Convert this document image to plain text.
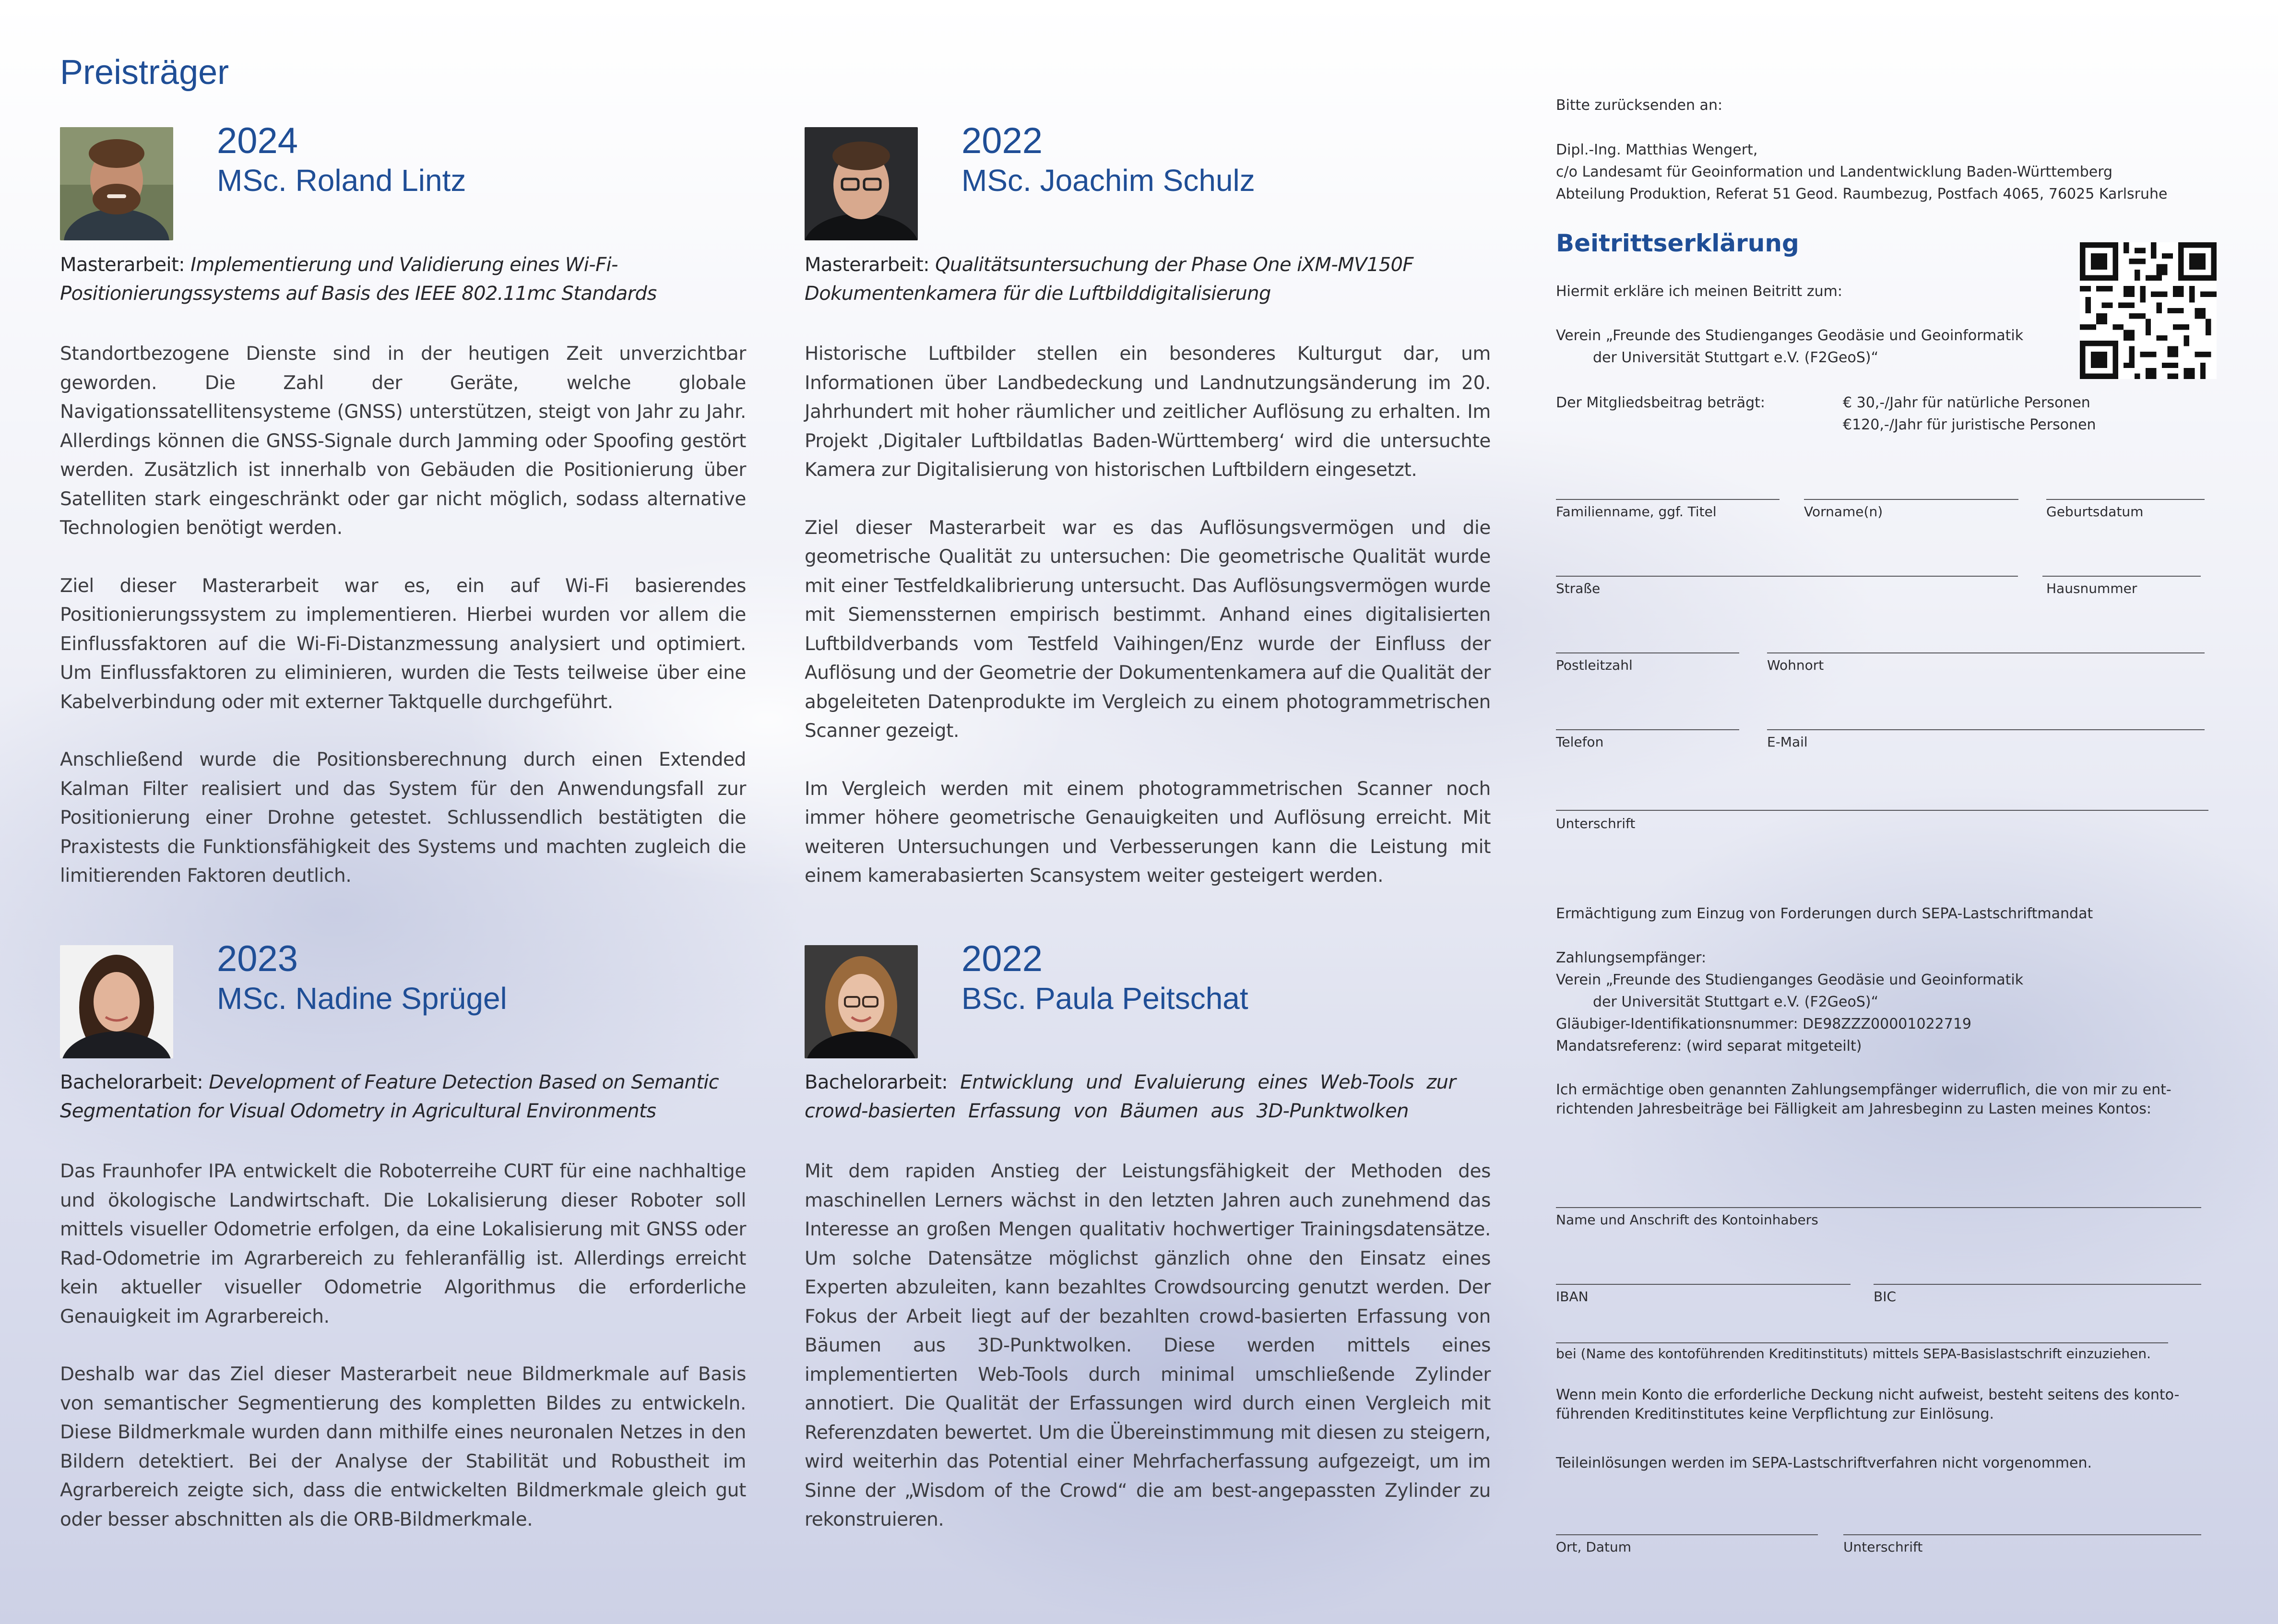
Preisträger
2024
MSc. Roland Lintz
Masterarbeit: Implementierung und Validierung eines Wi-Fi-Positionierungssystems auf Basis des IEEE 802.11mc Standards

Standortbezogene Dienste sind in der heutigen Zeit unverzichtbar geworden. Die Zahl der Geräte, welche globale Navigationssatellitensysteme (GNSS) unterstützen, steigt von Jahr zu Jahr. Allerdings können die GNSS-Signale durch Jamming oder Spoofing gestört werden. Zusätzlich ist innerhalb von Gebäuden die Positionierung über Satelliten stark eingeschränkt oder gar nicht möglich, sodass alternative Technologien benötigt werden.

Ziel dieser Masterarbeit war es, ein auf Wi-Fi basierendes Positionierungssystem zu implementieren. Hierbei wurden vor allem die Einflussfaktoren auf die Wi-Fi-Distanzmessung analysiert und optimiert. Um Einflussfaktoren zu eliminieren, wurden die Tests teilweise über eine Kabelverbindung oder mit externer Taktquelle durchgeführt.

Anschließend wurde die Positionsberechnung durch einen Extended Kalman Filter realisiert und das System für den Anwendungsfall zur Positionierung einer Drohne getestet. Schlussendlich bestätigten die Praxistests die Funktionsfähigkeit des Systems und machten zugleich die limitierenden Faktoren deutlich.

2022
MSc. Joachim Schulz
Masterarbeit: Qualitätsuntersuchung der Phase One iXM-MV150F Dokumentenkamera für die Luftbilddigitalisierung

Historische Luftbilder stellen ein besonderes Kulturgut dar, um Informationen über Landbedeckung und Landnutzungsänderung im 20. Jahrhundert mit hoher räumlicher und zeitlicher Auflösung zu erhalten. Im Projekt ‚Digitaler Luftbildatlas Baden-Württemberg‘ wird die untersuchte Kamera zur Digitalisierung von historischen Luftbildern eingesetzt.

Ziel dieser Masterarbeit war es das Auflösungsvermögen und die geometrische Qualität zu untersuchen: Die geometrische Qualität wurde mit einer Testfeldkalibrierung untersucht. Das Auflösungsvermögen wurde mit Siemenssternen empirisch bestimmt. Anhand eines digitalisierten Luftbildverbands vom Testfeld Vaihingen/Enz wurde der Einfluss der Auflösung und der Geometrie der Dokumentenkamera auf die Qualität der abgeleiteten Datenprodukte im Vergleich zu einem photogrammetrischen Scanner gezeigt.

Im Vergleich werden mit einem photogrammetrischen Scanner noch immer höhere geometrische Genauigkeiten und Auflösung erreicht. Mit weiteren Untersuchungen und Verbesserungen kann die Leistung mit einem kamerabasierten Scansystem weiter gesteigert werden.

2023
MSc. Nadine Sprügel
Bachelorarbeit: Development of Feature Detection Based on Semantic Segmentation for Visual Odometry in Agricultural Environments

Das Fraunhofer IPA entwickelt die Roboterreihe CURT für eine nachhaltige und ökologische Landwirtschaft. Die Lokalisierung dieser Roboter soll mittels visueller Odometrie erfolgen, da eine Lokalisierung mit GNSS oder Rad-Odometrie im Agrarbereich zu fehleranfällig ist. Allerdings erreicht kein aktueller visueller Odometrie Algorithmus die erforderliche Genauigkeit im Agrarbereich.

Deshalb war das Ziel dieser Masterarbeit neue Bildmerkmale auf Basis von semantischer Segmentierung des kompletten Bildes zu entwickeln. Diese Bildmerkmale wurden dann mithilfe eines neuronalen Netzes in den Bildern detektiert. Bei der Analyse der Stabilität und Robustheit im Agrarbereich zeigte sich, dass die entwickelten Bildmerkmale gleich gut oder besser abschnitten als die ORB-Bildmerkmale.

2022
BSc. Paula Peitschat
Bachelorarbeit: Entwicklung und Evaluierung eines Web-Tools zur crowd-basierten Erfassung von Bäumen aus 3D-Punktwolken

Mit dem rapiden Anstieg der Leistungsfähigkeit der Methoden des maschinellen Lerners wächst in den letzten Jahren auch zunehmend das Interesse an großen Mengen qualitativ hochwertiger Trainingsdatensätze. Um solche Datensätze möglichst gänzlich ohne den Einsatz eines Experten abzuleiten, kann bezahltes Crowdsourcing genutzt werden. Der Fokus der Arbeit liegt auf der bezahlten crowd-basierten Erfassung von Bäumen aus 3D-Punktwolken. Diese werden mittels eines implementierten Web-Tools durch minimal umschließende Zylinder annotiert. Die Qualität der Erfassungen wird durch einen Vergleich mit Referenzdaten bewertet. Um die Übereinstimmung mit diesen zu steigern, wird weiterhin das Potential einer Mehrfacherfassung aufgezeigt, um im Sinne der „Wisdom of the Crowd“ die am best-angepassten Zylinder zu rekonstruieren.

Bitte zurücksenden an:
Dipl.-Ing. Matthias Wengert,
c/o Landesamt für Geoinformation und Landentwicklung Baden-Württemberg
Abteilung Produktion, Referat 51 Geod. Raumbezug, Postfach 4065, 76025 Karlsruhe
Beitrittserklärung
Hiermit erkläre ich meinen Beitritt zum:
Verein „Freunde des Studienganges Geodäsie und Geoinformatik
der Universität Stuttgart e.V. (F2GeoS)“
Der Mitgliedsbeitrag beträgt:	€ 30,-/Jahr für natürliche Personen
€120,-/Jahr für juristische Personen
Familienname, ggf. Titel	Vorname(n)	Geburtsdatum
Straße	Hausnummer
Postleitzahl	Wohnort
Telefon	E-Mail
Unterschrift
Ermächtigung zum Einzug von Forderungen durch SEPA-Lastschriftmandat
Zahlungsempfänger:
Verein „Freunde des Studienganges Geodäsie und Geoinformatik
der Universität Stuttgart e.V. (F2GeoS)“
Gläubiger-Identifikationsnummer: DE98ZZZ00001022719
Mandatsreferenz: (wird separat mitgeteilt)
Ich ermächtige oben genannten Zahlungsempfänger widerruflich, die von mir zu ent-
richtenden Jahresbeiträge bei Fälligkeit am Jahresbeginn zu Lasten meines Kontos:
Name und Anschrift des Kontoinhabers
IBAN	BIC
bei (Name des kontoführenden Kreditinstituts) mittels SEPA-Basislastschrift einzuziehen.
Wenn mein Konto die erforderliche Deckung nicht aufweist, besteht seitens des konto-
führenden Kreditinstitutes keine Verpflichtung zur Einlösung.
Teileinlösungen werden im SEPA-Lastschriftverfahren nicht vorgenommen.
Ort, Datum	Unterschrift
